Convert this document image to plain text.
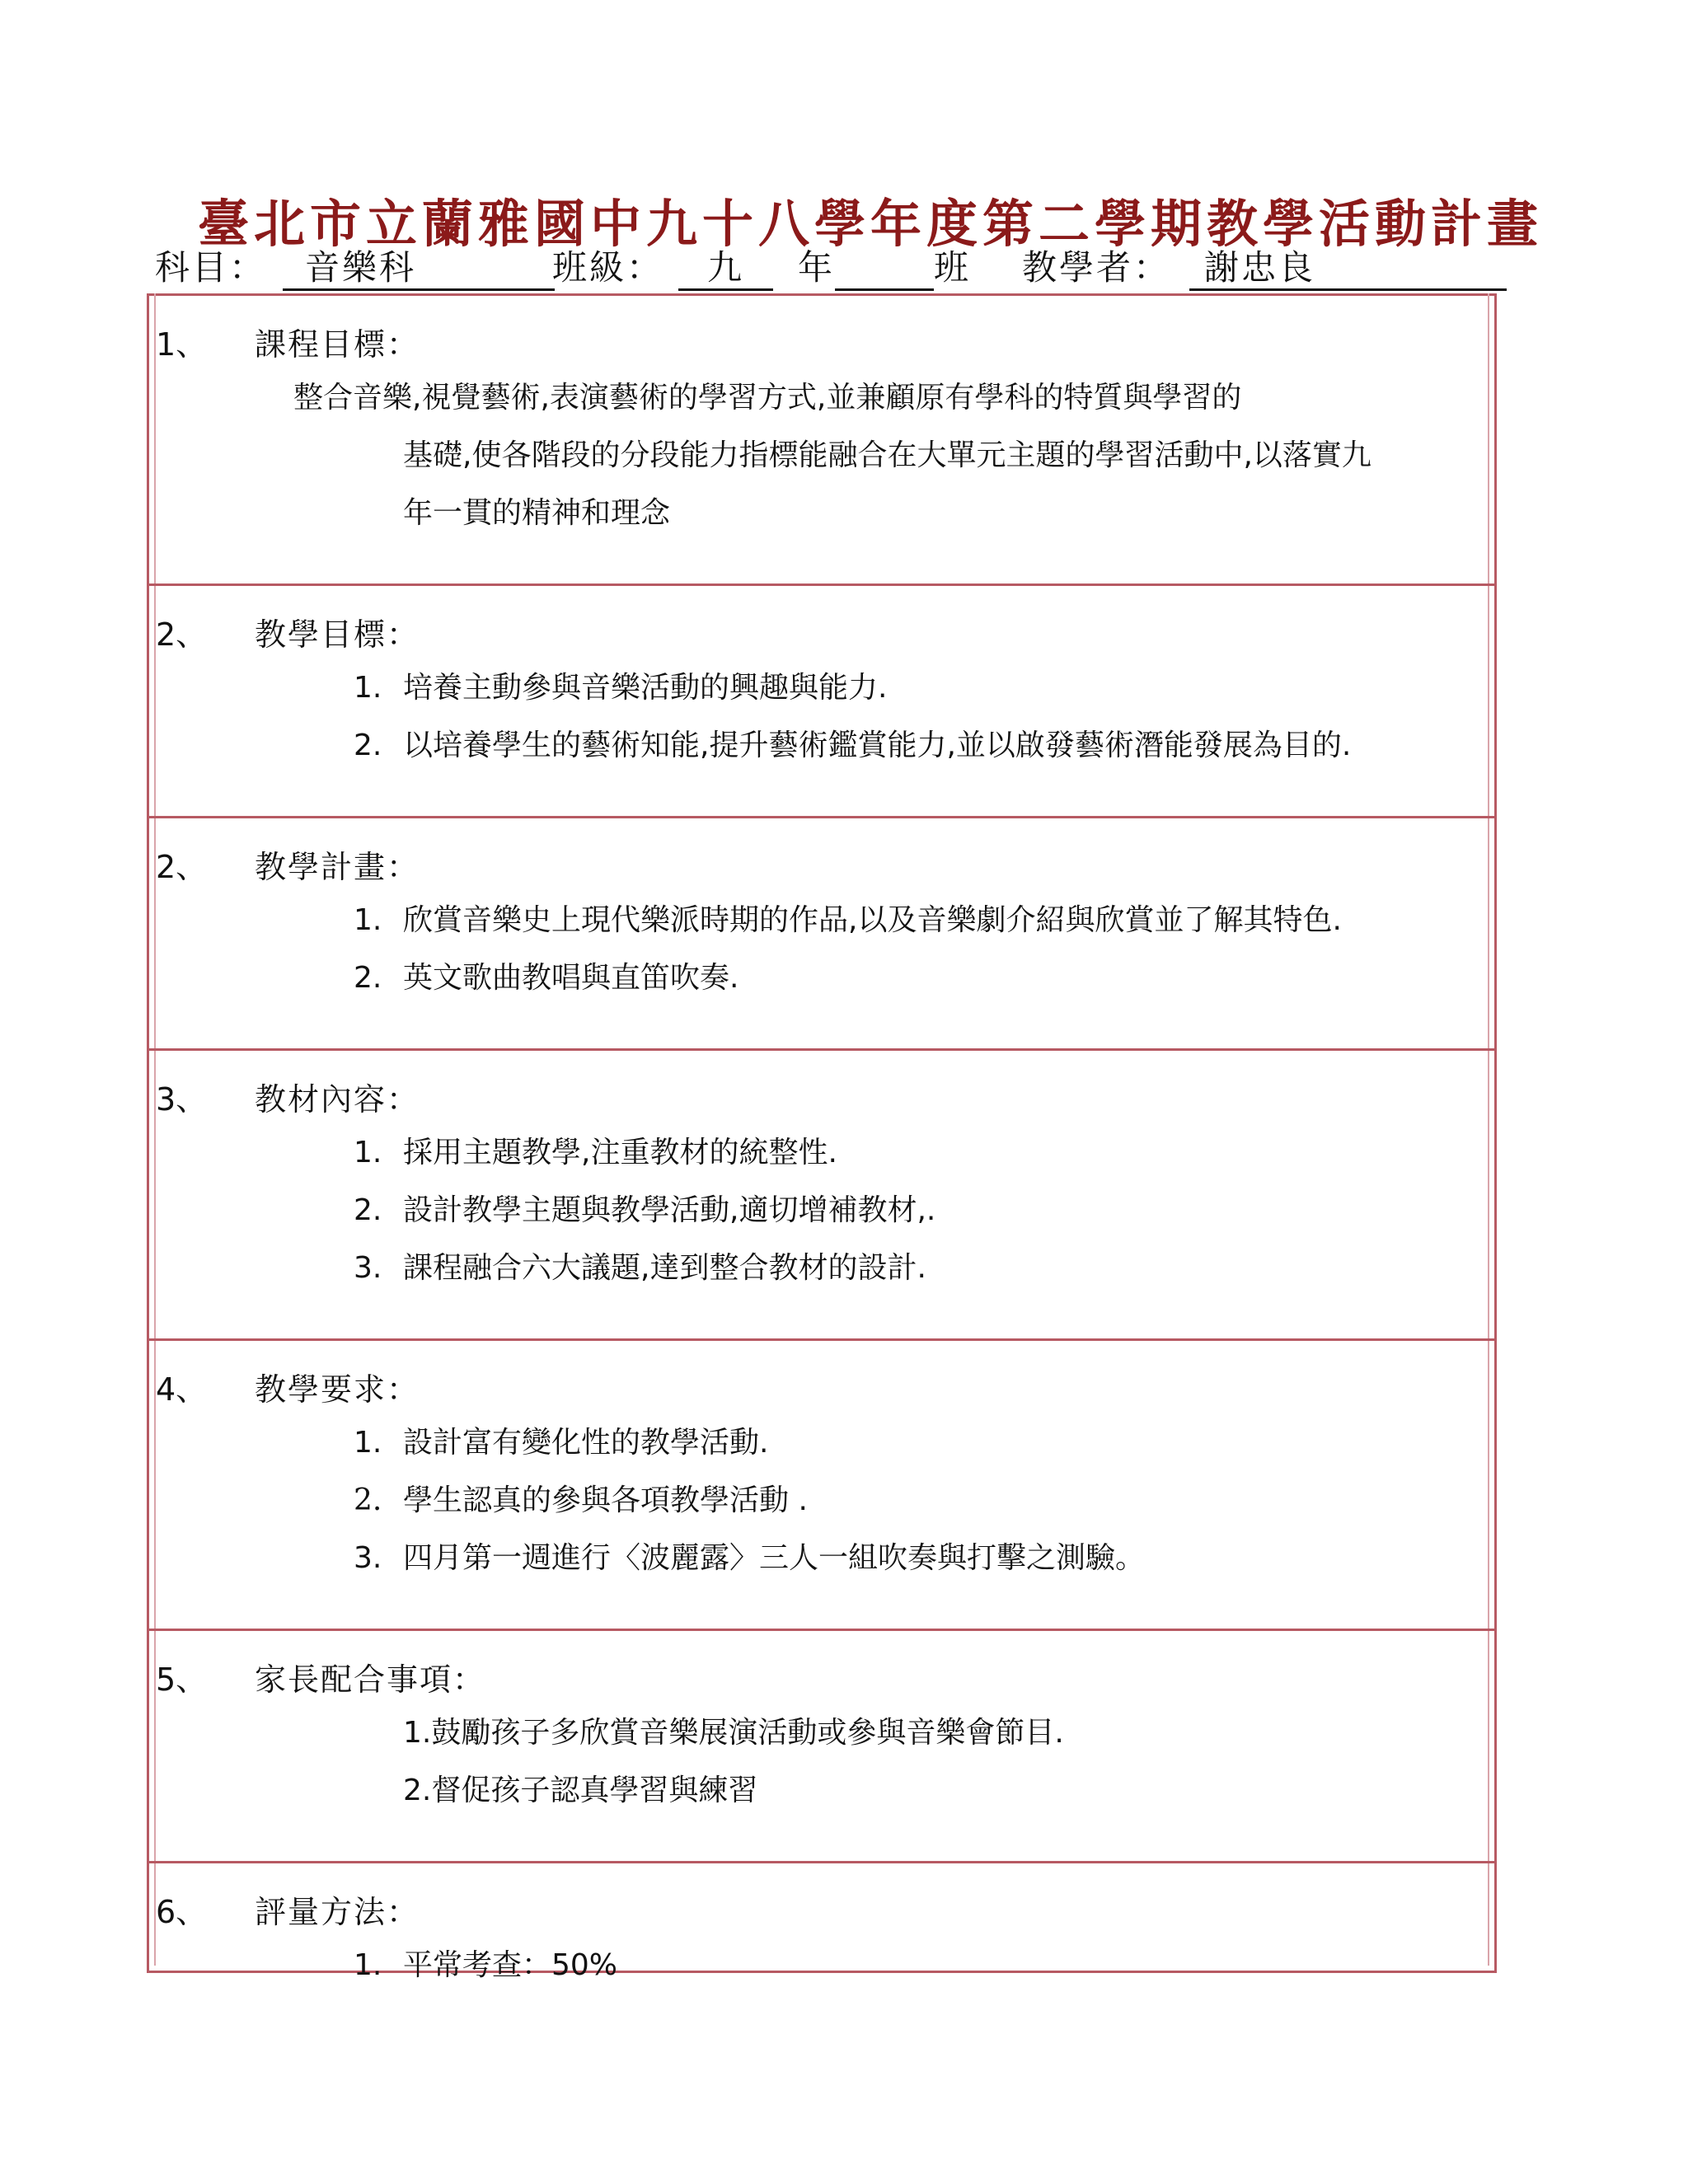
臺北市立蘭雅國中九十八學年度第二學期教學活動計畫
科目： 音樂科	班級： 九 年	班 教學者： 謝忠良
1、 課程目標：
整合音樂,視覺藝術,表演藝術的學習方式,並兼顧原有學科的特質與學習的
基礎,使各階段的分段能力指標能融合在大單元主題的學習活動中,以落實九
年一貫的精神和理念
2、 教學目標：
1. 培養主動參與音樂活動的興趣與能力.
2. 以培養學生的藝術知能,提升藝術鑑賞能力,並以啟發藝術潛能發展為目的.
2、 教學計畫：
1. 欣賞音樂史上現代樂派時期的作品,以及音樂劇介紹與欣賞並了解其特色.
2. 英文歌曲教唱與直笛吹奏.
3、 教材內容：
1. 採用主題教學,注重教材的統整性.
2. 設計教學主題與教學活動,適切增補教材,.
3. 課程融合六大議題,達到整合教材的設計.
4、 教學要求：
1. 設計富有變化性的教學活動.
2. 學生認真的參與各項教學活動 .
3. 四月第一週進行〈波麗露〉三人一組吹奏與打擊之測驗。
5、 家長配合事項：
1.鼓勵孩子多欣賞音樂展演活動或參與音樂會節目.
2.督促孩子認真學習與練習
6、 評量方法：
1. 平常考查：50%
